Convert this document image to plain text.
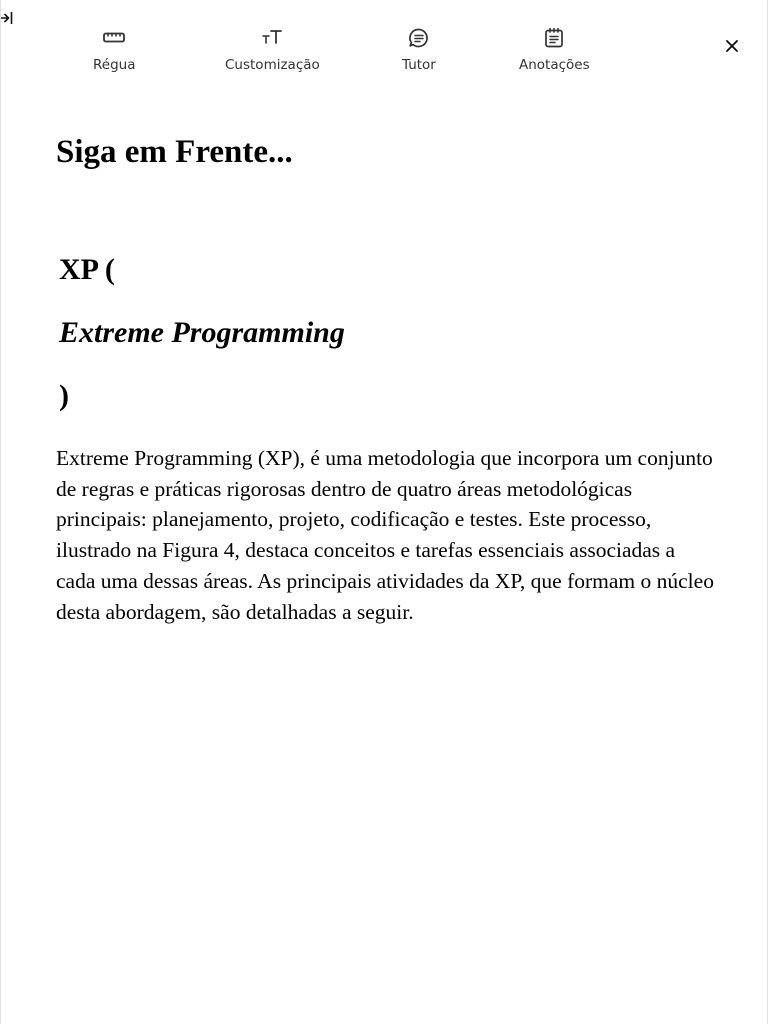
Régua	Customização	Tutor	Anotações
Siga em Frente...
XP (
Extreme Programming
)

Extreme Programming (XP), é uma metodologia que incorpora um conjunto de regras e práticas rigorosas dentro de quatro áreas metodológicas principais: planejamento, projeto, codificação e testes. Este processo, ilustrado na Figura 4, destaca conceitos e tarefas essenciais associadas a cada uma dessas áreas. As principais atividades da XP, que formam o núcleo desta abordagem, são detalhadas a seguir.
